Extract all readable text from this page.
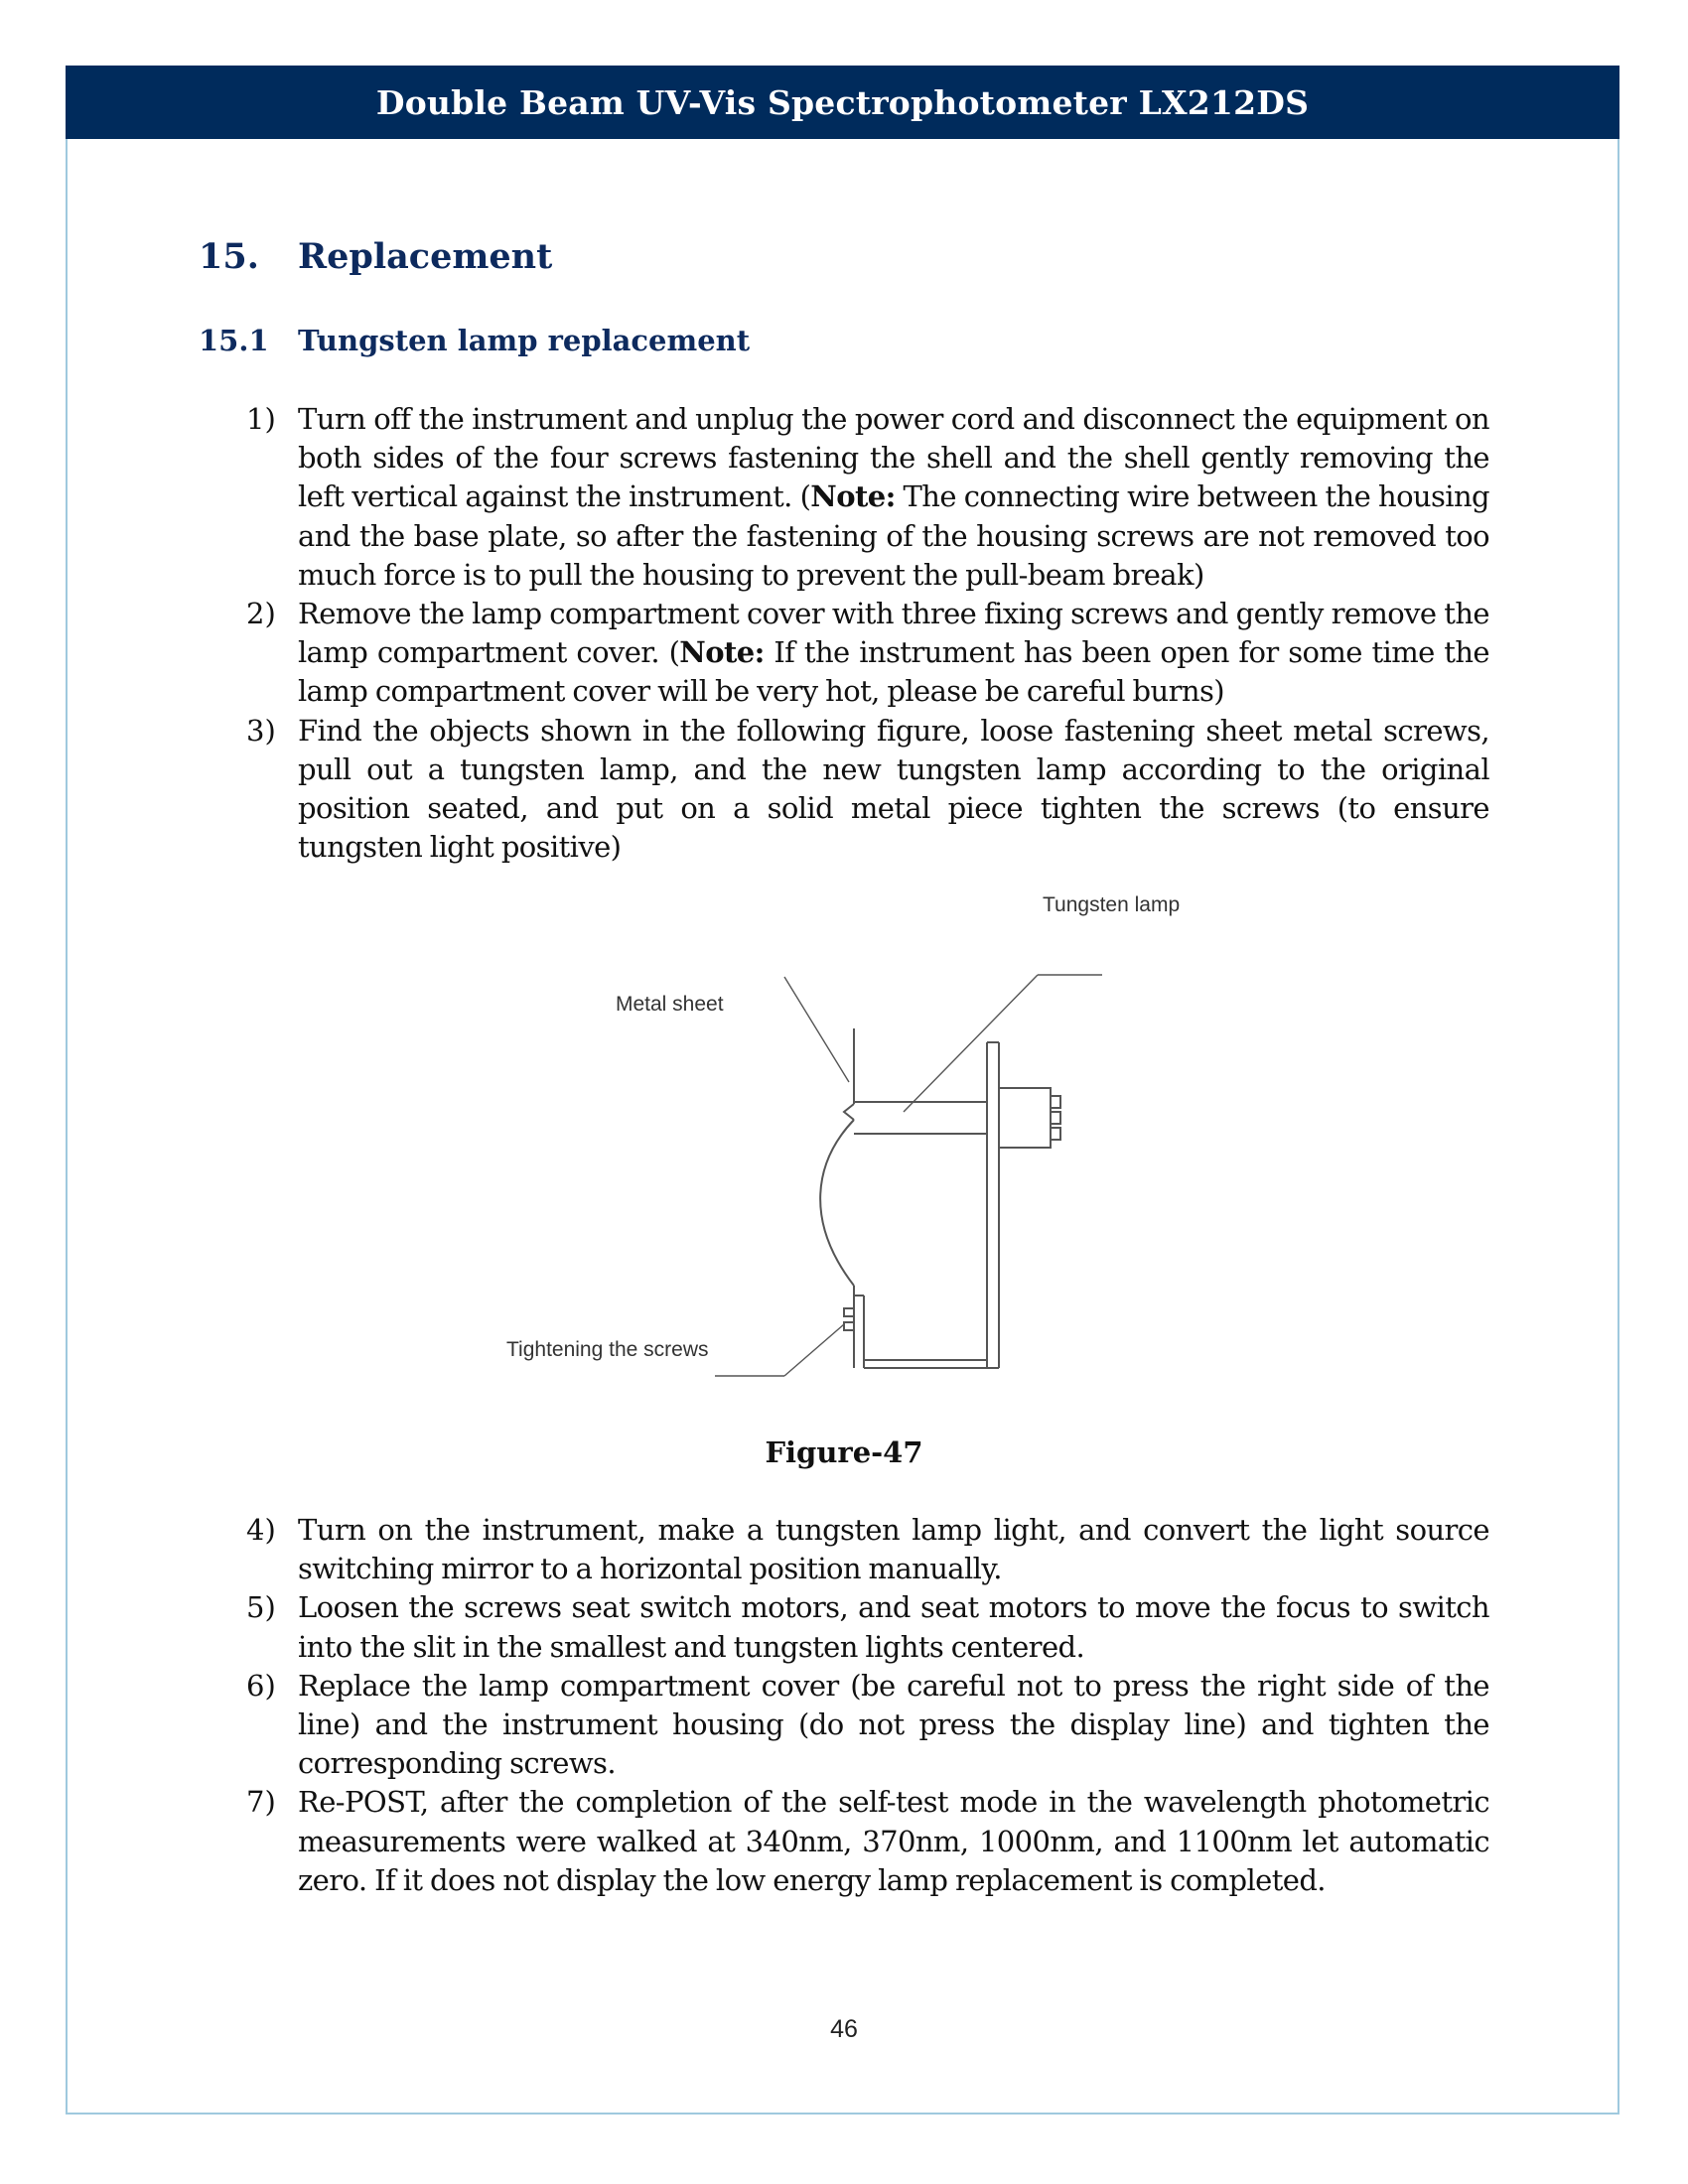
Double Beam UV-Vis Spectrophotometer LX212DS
15.	Replacement
15.1	Tungsten lamp replacement
1) Turn off the instrument and unplug the power cord and disconnect the equipment on both sides of the four screws fastening the shell and the shell gently removing the left vertical against the instrument. (Note: The connecting wire between the housing and the base plate, so after the fastening of the housing screws are not removed too much force is to pull the housing to prevent the pull-beam break)
2) Remove the lamp compartment cover with three fixing screws and gently remove the lamp compartment cover. (Note: If the instrument has been open for some time the lamp compartment cover will be very hot, please be careful burns)
3) Find the objects shown in the following figure, loose fastening sheet metal screws, pull out a tungsten lamp, and the new tungsten lamp according to the original position seated, and put on a solid metal piece tighten the screws (to ensure tungsten light positive)
Tungsten lamp
Metal sheet
Tightening the screws
Figure-47
4) Turn on the instrument, make a tungsten lamp light, and convert the light source switching mirror to a horizontal position manually.
5) Loosen the screws seat switch motors, and seat motors to move the focus to switch into the slit in the smallest and tungsten lights centered.
6) Replace the lamp compartment cover (be careful not to press the right side of the line) and the instrument housing (do not press the display line) and tighten the corresponding screws.
7) Re-POST, after the completion of the self-test mode in the wavelength photometric measurements were walked at 340nm, 370nm, 1000nm, and 1100nm let automatic zero. If it does not display the low energy lamp replacement is completed.
46
